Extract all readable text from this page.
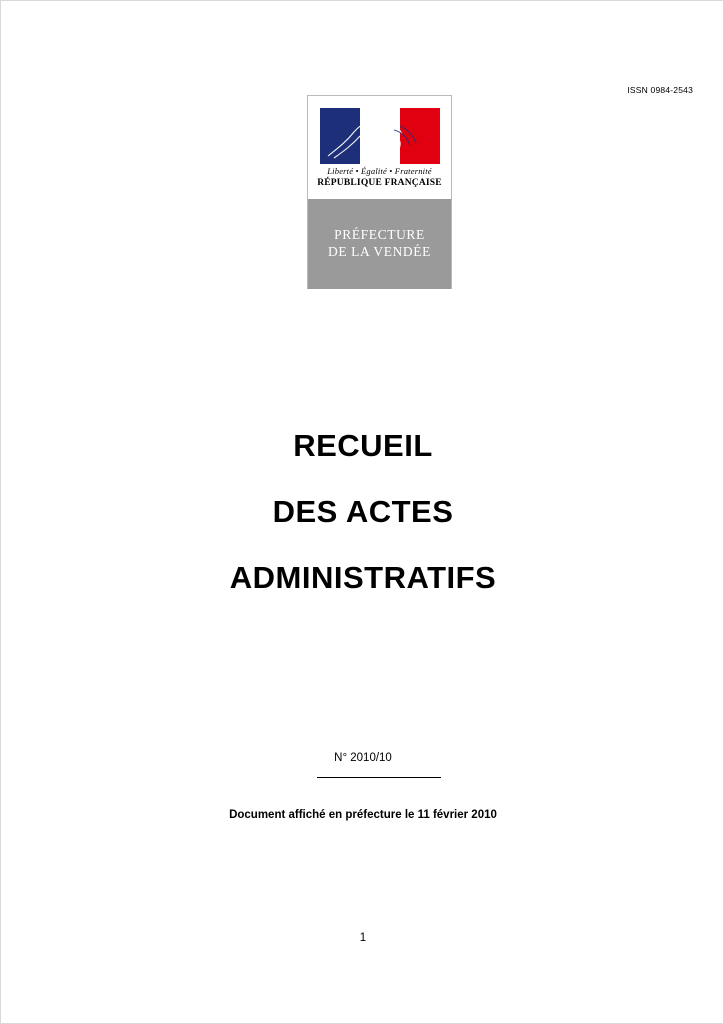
ISSN 0984-2543
Liberté • Égalité • Fraternité
RÉPUBLIQUE FRANÇAISE
PRÉFECTURE
DE LA VENDÉE
RECUEIL
DES ACTES
ADMINISTRATIFS
N° 2010/10
Document affiché en préfecture le 11 février 2010
1
